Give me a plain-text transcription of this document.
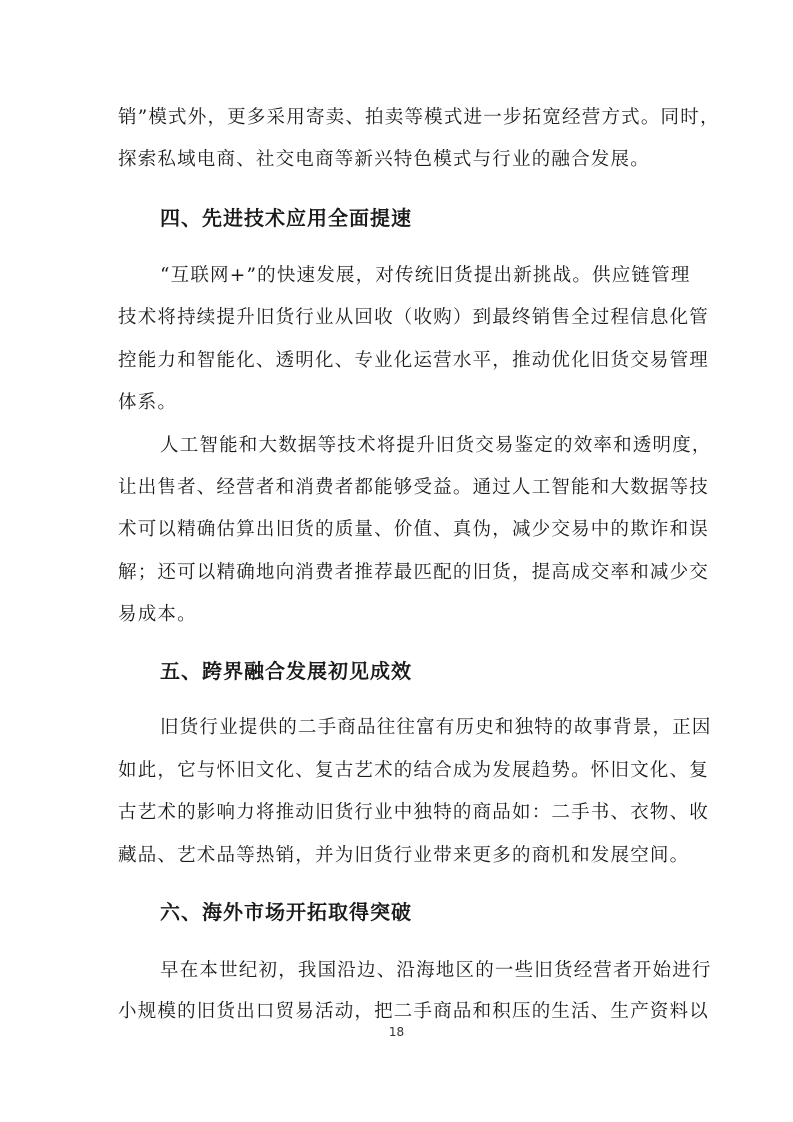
销”模式外，更多采用寄卖、拍卖等模式进一步拓宽经营方式。同时，
探索私域电商、社交电商等新兴特色模式与行业的融合发展。
四、先进技术应用全面提速
“互联网+”的快速发展，对传统旧货提出新挑战。供应链管理
技术将持续提升旧货行业从回收（收购）到最终销售全过程信息化管
控能力和智能化、透明化、专业化运营水平，推动优化旧货交易管理
体系。
人工智能和大数据等技术将提升旧货交易鉴定的效率和透明度，
让出售者、经营者和消费者都能够受益。通过人工智能和大数据等技
术可以精确估算出旧货的质量、价值、真伪，减少交易中的欺诈和误
解；还可以精确地向消费者推荐最匹配的旧货，提高成交率和减少交
易成本。
五、跨界融合发展初见成效
旧货行业提供的二手商品往往富有历史和独特的故事背景，正因
如此，它与怀旧文化、复古艺术的结合成为发展趋势。怀旧文化、复
古艺术的影响力将推动旧货行业中独特的商品如：二手书、衣物、收
藏品、艺术品等热销，并为旧货行业带来更多的商机和发展空间。
六、海外市场开拓取得突破
早在本世纪初，我国沿边、沿海地区的一些旧货经营者开始进行
小规模的旧货出口贸易活动，把二手商品和积压的生活、生产资料以
18
